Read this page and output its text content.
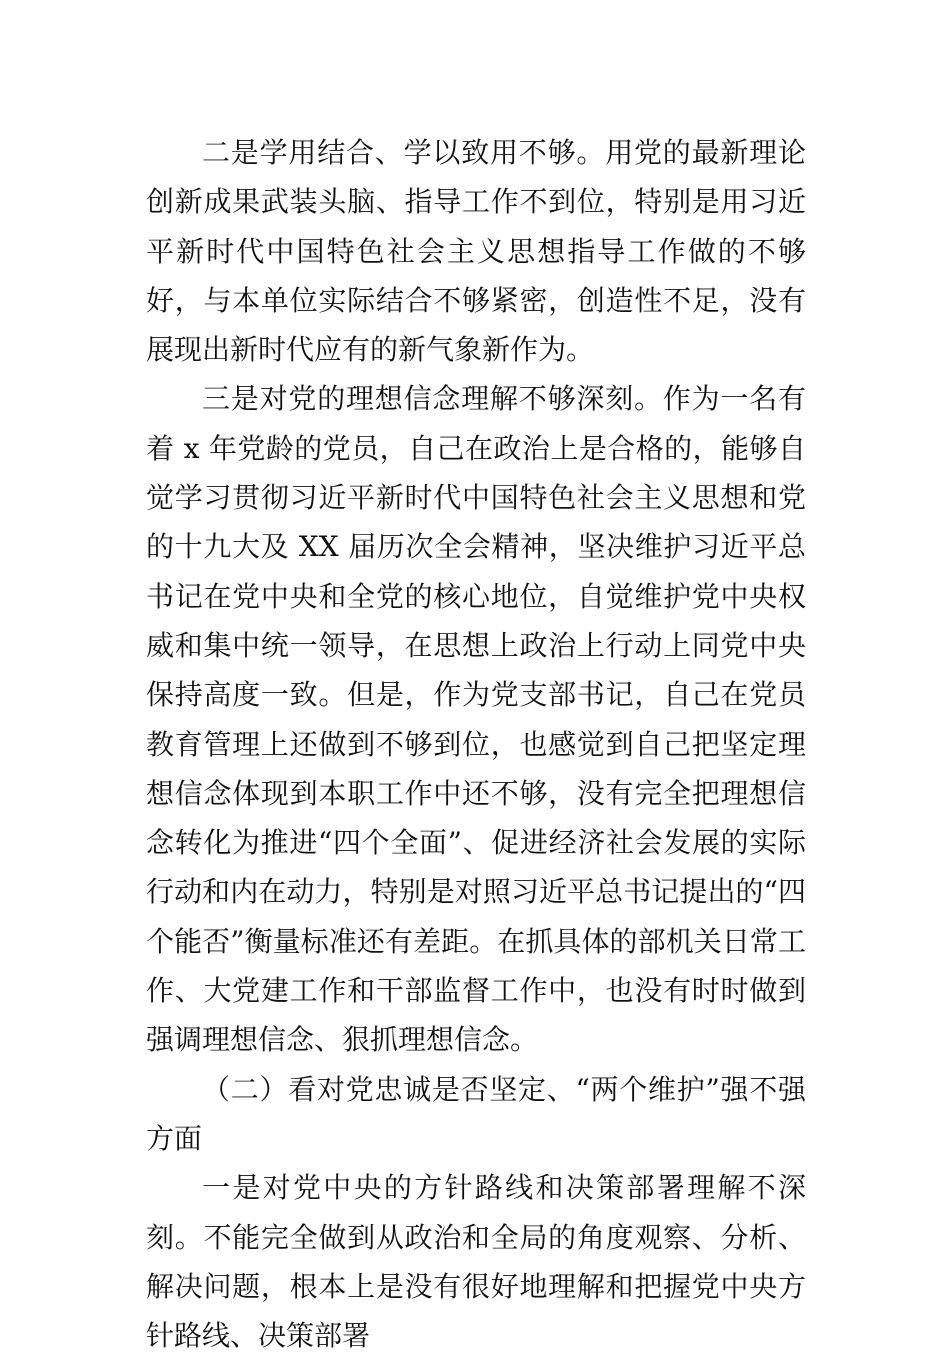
二是学用结合、学以致用不够。用党的最新理论创新成果武装头脑、指导工作不到位，特别是用习近平新时代中国特色社会主义思想指导工作做的不够好，与本单位实际结合不够紧密，创造性不足，没有展现出新时代应有的新气象新作为。

三是对党的理想信念理解不够深刻。作为一名有着 x 年党龄的党员，自己在政治上是合格的，能够自觉学习贯彻习近平新时代中国特色社会主义思想和党的十九大及 XX 届历次全会精神，坚决维护习近平总书记在党中央和全党的核心地位，自觉维护党中央权威和集中统一领导，在思想上政治上行动上同党中央保持高度一致。但是，作为党支部书记，自己在党员教育管理上还做到不够到位，也感觉到自己把坚定理想信念体现到本职工作中还不够，没有完全把理想信念转化为推进“四个全面”、促进经济社会发展的实际行动和内在动力，特别是对照习近平总书记提出的“四个能否”衡量标准还有差距。在抓具体的部机关日常工作、大党建工作和干部监督工作中，也没有时时做到强调理想信念、狠抓理想信念。

（二）看对党忠诚是否坚定、“两个维护”强不强方面

一是对党中央的方针路线和决策部署理解不深刻。不能完全做到从政治和全局的角度观察、分析、解决问题，根本上是没有很好地理解和把握党中央方针路线、决策部署
